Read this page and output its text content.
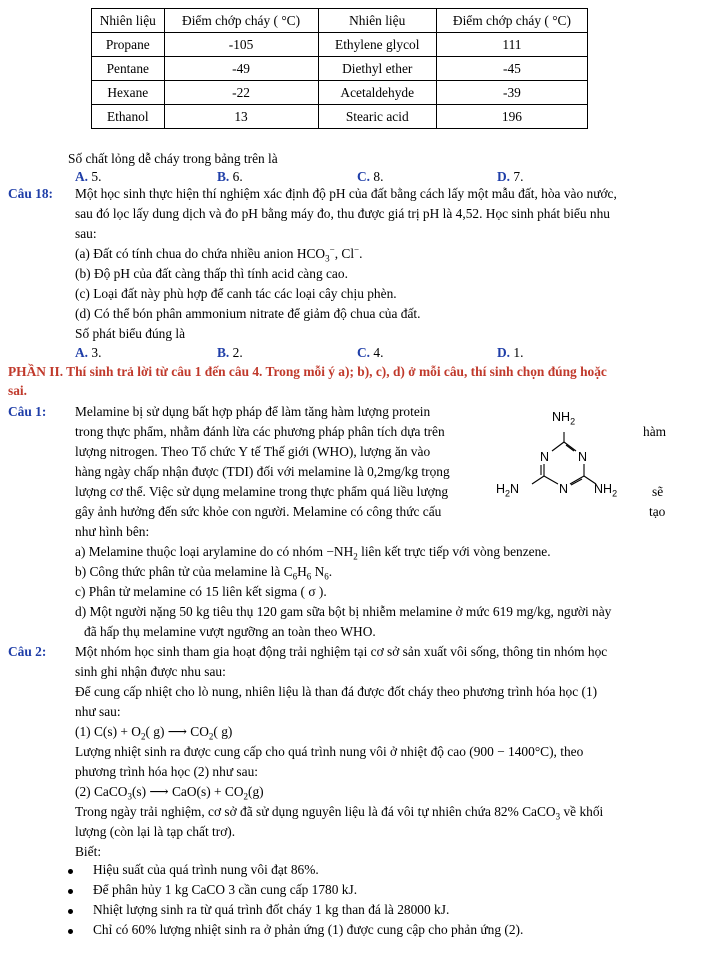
Nhiên liệu	Điểm chớp cháy ( °C)	Nhiên liệu	Điểm chớp cháy ( °C)
Propane	-105	Ethylene glycol	111
Pentane	-49	Diethyl ether	-45
Hexane	-22	Acetaldehyde	-39
Ethanol	13	Stearic acid	196
Số chất lỏng dễ cháy trong bảng trên là
A. 5.	B. 6.	C. 8.	D. 7.
Câu 18: Một học sinh thực hiện thí nghiệm xác định độ pH của đất bằng cách lấy một mẫu đất, hòa vào nước,
sau đó lọc lấy dung dịch và đo pH bằng máy đo, thu được giá trị pH là 4,52. Học sinh phát biểu nhu
sau:
(a) Đất có tính chua do chứa nhiều anion $HCO_3^-$, Cl−.
(b) Độ pH của đất càng thấp thì tính acid càng cao.
(c) Loại đất này phù hợp để canh tác các loại cây chịu phèn.
(d) Có thể bón phân ammonium nitrate để giảm độ chua của đất.
Số phát biểu đúng là
A. 3.	B. 2.	C. 4.	D. 1.
PHẦN II. Thí sinh trả lời từ câu 1 đến câu 4. Trong mỗi ý a); b), c), d) ở mỗi câu, thí sinh chọn đúng hoặc
sai.
Câu 1: Melamine bị sử dụng bất hợp pháp để làm tăng hàm lượng protein
trong thực phẩm, nhằm đánh lừa các phương pháp phân tích dựa trên
lượng nitrogen. Theo Tổ chức Y tế Thế giới (WHO), lượng ăn vào
hàng ngày chấp nhận được (TDI) đối với melamine là 0,2mg/kg trọng
lượng cơ thể. Việc sử dụng melamine trong thực phẩm quá liều lượng
gây ảnh hưởng đến sức khỏe con người. Melamine có công thức cấu
như hình bên:
hàm
sẽ
tạo
$NH_2$
N
N
N $NH_2$
$H_2N$
a) Melamine thuộc loại arylamine do có nhóm $-NH_2$ liên kết trực tiếp với vòng benzene.
b) Công thức phân tử của melamine là $C_6H_6$ $N_6$.
c) Phân tử melamine có 15 liên kết sigma ( σ ).
d) Một người nặng 50 kg tiêu thụ 120 gam sữa bột bị nhiễm melamine ở mức 619 mg/kg, người này
đã hấp thụ melamine vượt ngưỡng an toàn theo WHO.
Câu 2: Một nhóm học sinh tham gia hoạt động trải nghiệm tại cơ sở sản xuất vôi sống, thông tin nhóm học
sinh ghi nhận được nhu sau:
Để cung cấp nhiệt cho lò nung, nhiên liệu là than đá được đốt cháy theo phương trình hóa học (1)
như sau:
(1) $C(s) + O_2$( g) ⟶ $CO_2$( g)
Lượng nhiệt sinh ra được cung cấp cho quá trình nung vôi ở nhiệt độ cao (900 − 1400°C), theo
phương trình hóa học (2) như sau:
(2) CaCO$_3$(s) ⟶ $CaO(s) + CO_2(g)$
Trong ngày trải nghiệm, cơ sở đã sử dụng nguyên liệu là đá vôi tự nhiên chứa 82% CaCO$_3$ về khối
lượng (còn lại là tạp chất trơ).
Biết:
Hiệu suất của quá trình nung vôi đạt 86%.
Để phân hủy 1 kg CaCO 3 cần cung cấp 1780 kJ.
Nhiệt lượng sinh ra từ quá trình đốt cháy 1 kg than đá là 28000 kJ.
Chỉ có 60% lượng nhiệt sinh ra ở phản ứng (1) được cung cập cho phản ứng (2).
